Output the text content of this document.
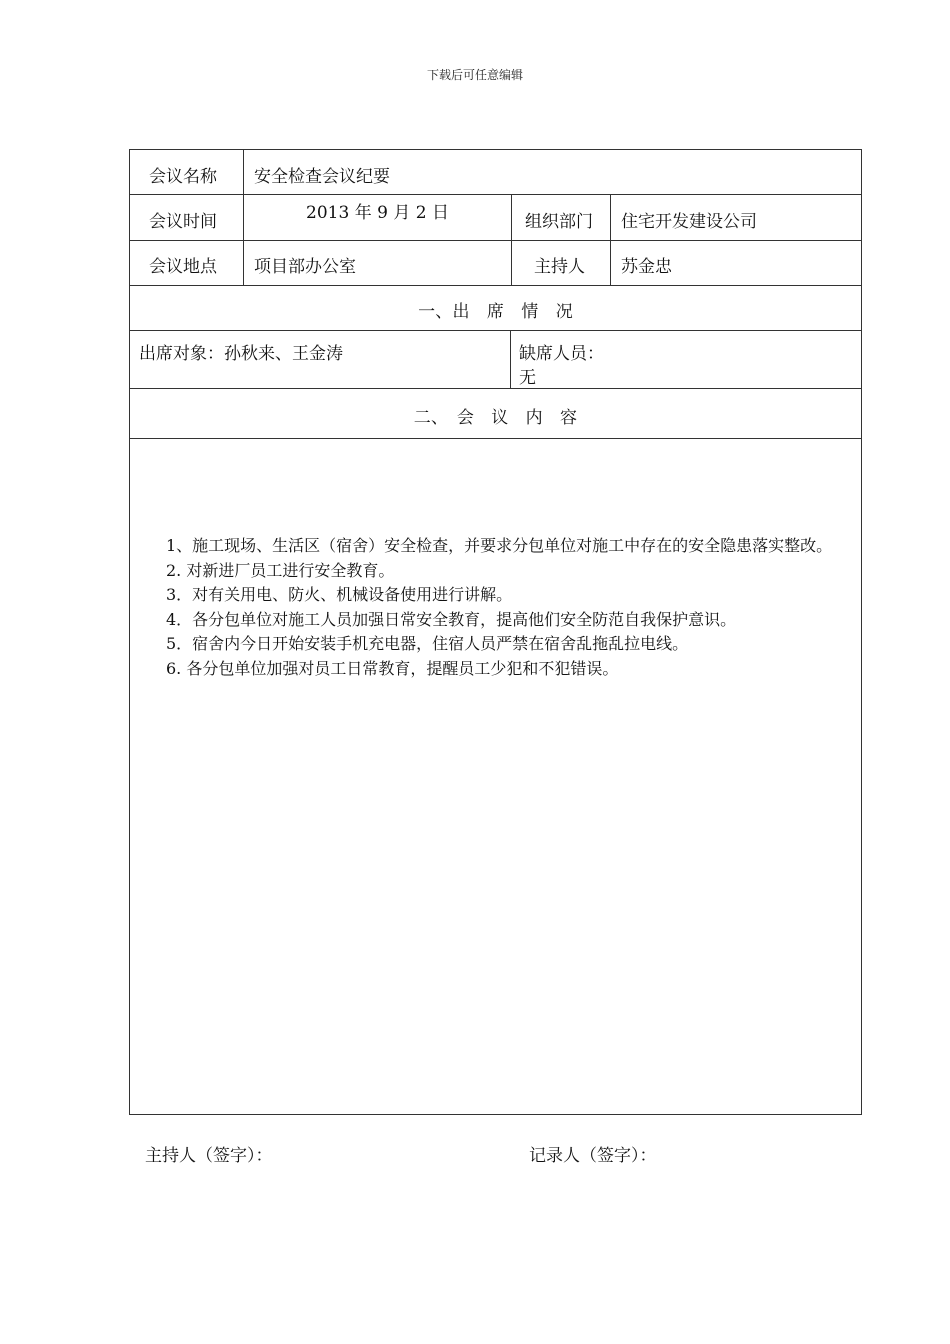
下载后可任意编辑
会议名称 安全检查会议纪要
会议时间	2013 年 9 月 2 日	组织部门 住宅开发建设公司
会议地点 项目部办公室	主持人 苏金忠
一、出　席　情　况
出席对象：孙秋来、王金涛	缺席人员：
无
二、　会　议　内　容

1、施工现场、生活区（宿舍）安全检查，并要求分包单位对施工中存在的安全隐患落实整改。

2. 对新进厂员工进行安全教育。

3．对有关用电、防火、机械设备使用进行讲解。

4．各分包单位对施工人员加强日常安全教育，提高他们安全防范自我保护意识。

5．宿舍内今日开始安装手机充电器，住宿人员严禁在宿舍乱拖乱拉电线。

6. 各分包单位加强对员工日常教育，提醒员工少犯和不犯错误。

主持人（签字）：	记录人（签字）：
